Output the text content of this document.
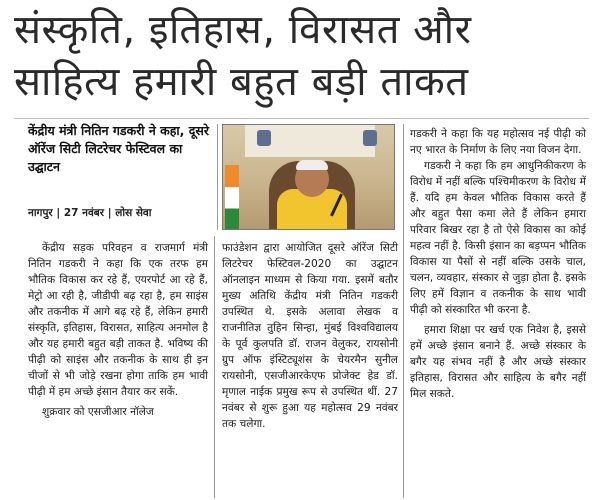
संस्कृति, इतिहास, विरासत और
साहित्य हमारी बहुत बड़ी ताकत
केंद्रीय मंत्री नितिन गडकरी ने कहा, दूसरे ऑरेंज सिटी लिटरेचर फेस्टिवल का उद्घाटन
नागपुर | 27 नवंबर | लोस सेवा

केंद्रीय सड़क परिवहन व राजमार्ग मंत्री नितिन गडकरी ने कहा कि एक तरफ हम भौतिक विकास कर रहे हैं, एयरपोर्ट आ रहे हैं, मेट्रो आ रही है, जीडीपी बढ़ रहा है, हम साइंस और तकनीक में आगे बढ़ रहे हैं, लेकिन हमारी संस्कृति, इतिहास, विरासत, साहित्य अनमोल है और यह हमारी बहुत बड़ी ताकत है. भविष्य की पीढ़ी को साइंस और तकनीक के साथ ही इन चीजों से भी जोड़े रखना होगा ताकि हम भावी पीढ़ी में हम अच्छे इंसान तैयार कर सकें.

शुक्रवार को एसजीआर नॉलेज

फाउंडेशन द्वारा आयोजित दूसरे ऑरेंज सिटी लिटरेचर फेस्टिवल-2020 का उद्घाटन ऑनलाइन माध्यम से किया गया. इसमें बतौर मुख्य अतिथि केंद्रीय मंत्री नितिन गडकरी उपस्थित थे. इसके अलावा लेखक व राजनीतिज्ञ तुहिन सिन्हा, मुंबई विश्वविद्यालय के पूर्व कुलपति डॉ. राजन वेलुकर, रायसोनी ग्रुप ऑफ इंस्टिट्यूशंस के चेयरमैन सुनील रायसोनी, एसजीआरकेएफ प्रोजेक्ट हेड डॉ. मृणाल नाईक प्रमुख रूप से उपस्थित थीं. 27 नवंबर से शुरू हुआ यह महोत्सव 29 नवंबर तक चलेगा.

गडकरी ने कहा कि यह महोत्सव नई पीढ़ी को नए भारत के निर्माण के लिए नया विजन देगा.

गडकरी ने कहा कि हम आधुनिकीकरण के विरोध में नहीं बल्कि पश्चिमीकरण के विरोध में हैं. यदि हम केवल भौतिक विकास करते हैं और बहुत पैसा कमा लेते हैं लेकिन हमारा परिवार बिखर रहा है तो ऐसे विकास का कोई महत्व नहीं है. किसी इंसान का बड़प्पन भौतिक विकास या पैसों से नहीं बल्कि उसके चाल, चलन, व्यवहार, संस्कार से जुड़ा होता है. इसके लिए हमें विज्ञान व तकनीक के साथ भावी पीढ़ी को संस्कारित भी करना है.

हमारा शिक्षा पर खर्च एक निवेश है, इससे हमें अच्छे इंसान बनाने हैं. अच्छे संस्कार के बगैर यह संभव नहीं है और अच्छे संस्कार इतिहास, विरासत और साहित्य के बगैर नहीं मिल सकते.
